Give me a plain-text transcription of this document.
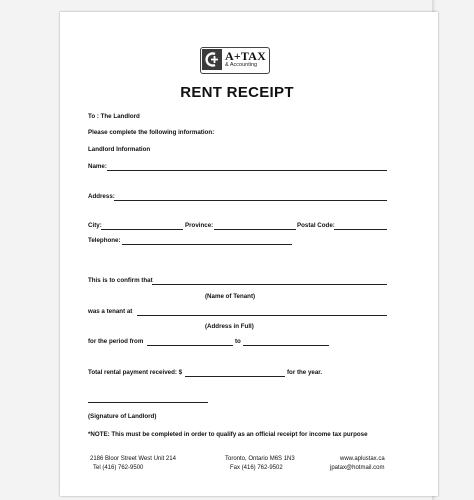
A+TAX
& Accounting
RENT RECEIPT
To : The Landlord
Please complete the following information:
Landlord Information
Name:
Address:
City:	Province:	Postal Code:
Telephone:
This is to confirm that
(Name of Tenant)
was a tenant at
(Address in Full)
for the period from	to
Total rental payment received: $	for the year.
(Signature of Landlord)
*NOTE: This must be completed in order to qualify as an official receipt for income tax purpose
2186 Bloor Street West Unit 214
Tel (416) 762-9500
Toronto, Ontario M6S 1N3
Fax (416) 762-9502
www.aplustax.ca
jpatax@hotmail.com
